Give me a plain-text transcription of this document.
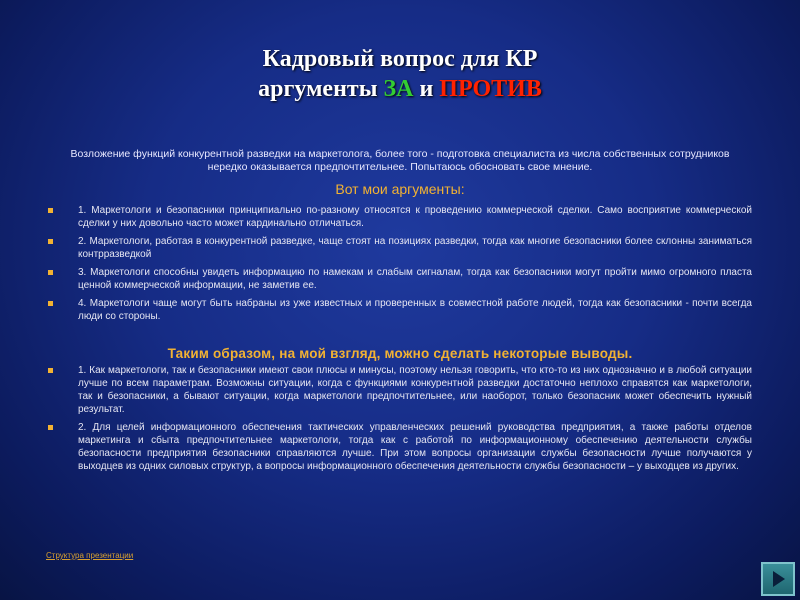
Кадровый вопрос для КР
аргументы ЗА и ПРОТИВ
Возложение функций конкурентной разведки на маркетолога, более того - подготовка специалиста из числа собственных сотрудников нередко оказывается предпочтительнее. Попытаюсь обосновать свое мнение.
Вот мои аргументы:
1. Маркетологи и безопасники принципиально по-разному относятся к проведению коммерческой сделки. Само восприятие коммерческой сделки у них довольно часто может кардинально отличаться.
2. Маркетологи, работая в конкурентной разведке, чаще стоят на позициях разведки, тогда как многие безопасники более склонны заниматься контрразведкой
3. Маркетологи способны увидеть информацию по намекам и слабым сигналам, тогда как безопасники могут пройти мимо огромного пласта ценной коммерческой информации, не заметив ее.
4. Маркетологи чаще могут быть набраны из уже известных и проверенных в совместной работе людей, тогда как безопасники - почти всегда люди со стороны.
Таким образом, на мой взгляд, можно сделать некоторые выводы.
1. Как маркетологи, так и безопасники имеют свои плюсы и минусы, поэтому нельзя говорить, что кто-то из них однозначно и в любой ситуации лучше по всем параметрам. Возможны ситуации, когда с функциями конкурентной разведки достаточно неплохо справятся как маркетологи, так и безопасники, а бывают ситуации, когда маркетологи предпочтительнее, или наоборот, только безопасник может обеспечить нужный результат.
2. Для целей информационного обеспечения тактических управленческих решений руководства предприятия, а также работы отделов маркетинга и сбыта предпочтительнее маркетологи, тогда как с работой по информационному обеспечению деятельности службы безопасности предприятия безопасники справляются лучше. При этом вопросы организации службы безопасности лучше получаются у выходцев из одних силовых структур, а вопросы информационного обеспечения деятельности службы безопасности – у выходцев из других.
Структура презентации
